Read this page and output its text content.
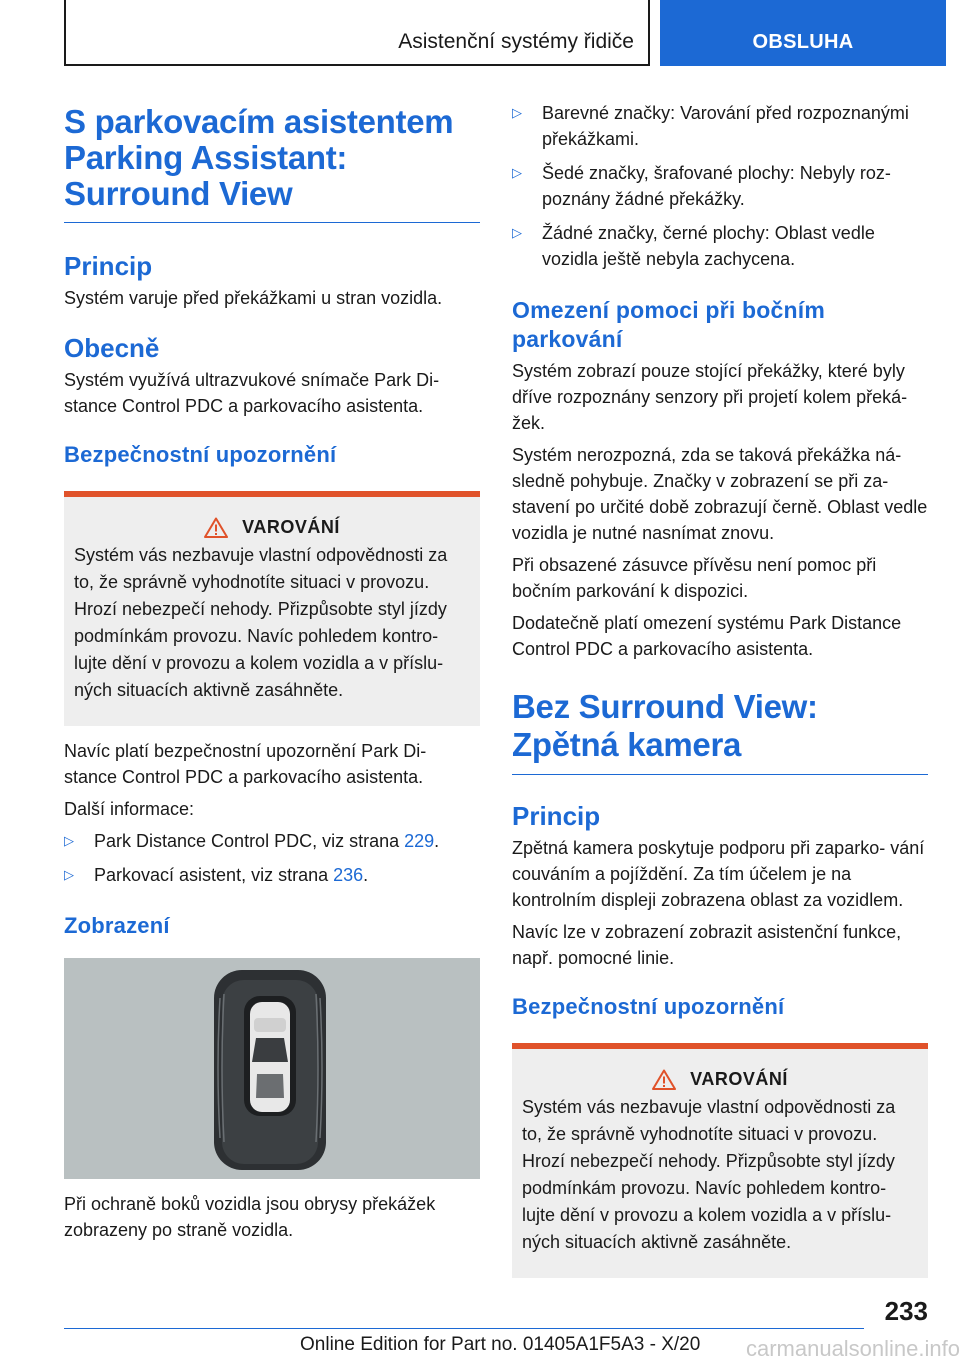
Asistenční systémy řidiče	OBSLUHA
S parkovacím asistentem
Parking Assistant:
Surround View
Princip

Systém varuje před překážkami u stran vozidla.

Obecně

Systém využívá ultrazvukové snímače Park Di‐ stance Control PDC a parkovacího asistenta.

Bezpečnostní upozornění
VAROVÁNÍ

Systém vás nezbavuje vlastní odpovědnosti za to, že správně vyhodnotíte situaci v provozu. Hrozí nebezpečí nehody. Přizpůsobte styl jízdy podmínkám provozu. Navíc pohledem kontro‐ lujte dění v provozu a kolem vozidla a v příslu‐ ných situacích aktivně zasáhněte.

Navíc platí bezpečnostní upozornění Park Di‐ stance Control PDC a parkovacího asistenta.

Další informace:

▷ Park Distance Control PDC, viz strana 229.
▷ Parkovací asistent, viz strana 236.
Zobrazení

Při ochraně boků vozidla jsou obrysy překážek zobrazeny po straně vozidla.

▷ Barevné značky: Varování před rozpoznanými překážkami.
▷ Šedé značky, šrafované plochy: Nebyly roz‐ poznány žádné překážky.
▷ Žádné značky, černé plochy: Oblast vedle vozidla ještě nebyla zachycena.
Omezení pomoci při bočním parkování

Systém zobrazí pouze stojící překážky, které byly dříve rozpoznány senzory při projetí kolem překá‐ žek.

Systém nerozpozná, zda se taková překážka ná‐ sledně pohybuje. Značky v zobrazení se při za‐ stavení po určité době zobrazují černě. Oblast vedle vozidla je nutné nasnímat znovu.

Při obsazené zásuvce přívěsu není pomoc při bočním parkování k dispozici.

Dodatečně platí omezení systému Park Distance Control PDC a parkovacího asistenta.

Bez Surround View: Zpětná kamera
Princip

Zpětná kamera poskytuje podporu při zaparko‐ vání couváním a pojíždění. Za tím účelem je na kontrolním displeji zobrazena oblast za vozidlem.

Navíc lze v zobrazení zobrazit asistenční funkce, např. pomocné linie.

Bezpečnostní upozornění
VAROVÁNÍ

Systém vás nezbavuje vlastní odpovědnosti za to, že správně vyhodnotíte situaci v provozu. Hrozí nebezpečí nehody. Přizpůsobte styl jízdy podmínkám provozu. Navíc pohledem kontro‐ lujte dění v provozu a kolem vozidla a v příslu‐ ných situacích aktivně zasáhněte.

233
Online Edition for Part no. 01405A1F5A3 - X/20 carmanualsonline.info
